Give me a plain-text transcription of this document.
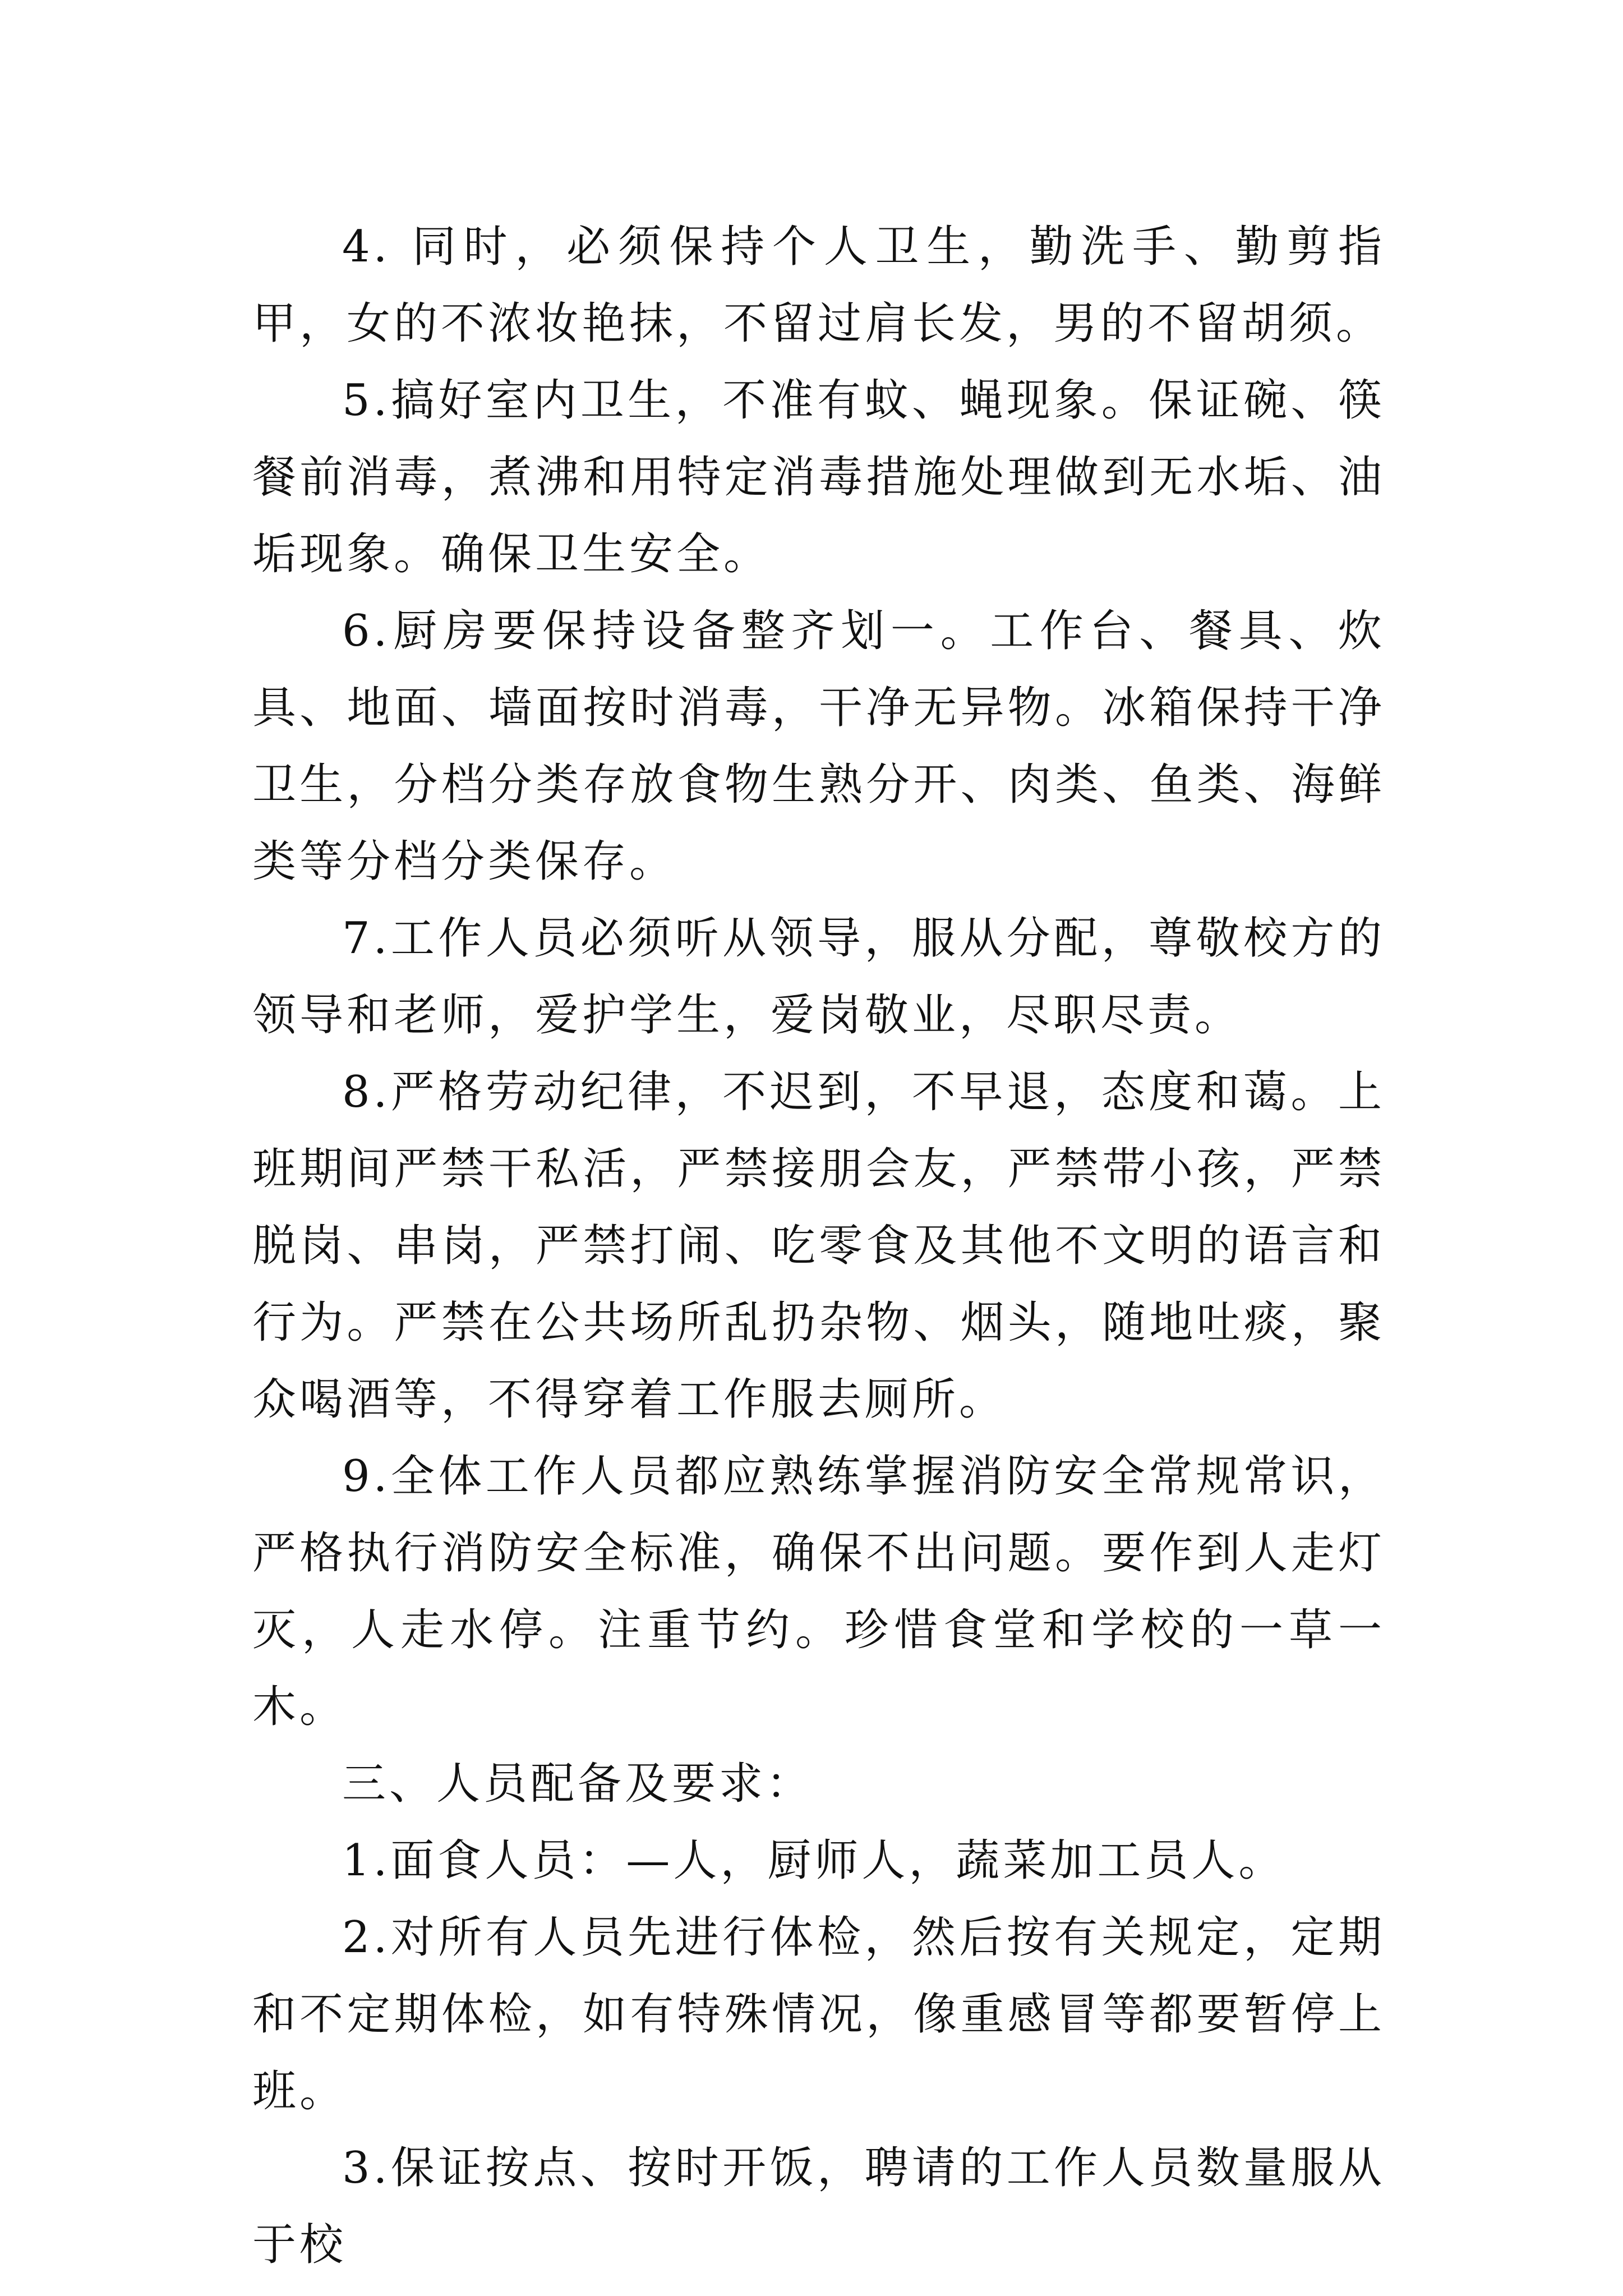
4. 同时，必须保持个人卫生，勤洗手、勤剪指甲，女的不浓妆艳抹，不留过肩长发，男的不留胡须。

5.搞好室内卫生，不准有蚊、蝇现象。保证碗、筷餐前消毒，煮沸和用特定消毒措施处理做到无水垢、油垢现象。确保卫生安全。

6.厨房要保持设备整齐划一。工作台、餐具、炊具、地面、墙面按时消毒，干净无异物。冰箱保持干净卫生，分档分类存放食物生熟分开、肉类、鱼类、海鲜类等分档分类保存。

7.工作人员必须听从领导，服从分配，尊敬校方的领导和老师，爱护学生，爱岗敬业，尽职尽责。

8.严格劳动纪律，不迟到，不早退，态度和蔼。上班期间严禁干私活，严禁接朋会友，严禁带小孩，严禁脱岗、串岗，严禁打闹、吃零食及其他不文明的语言和行为。严禁在公共场所乱扔杂物、烟头，随地吐痰，聚众喝酒等，不得穿着工作服去厕所。

9.全体工作人员都应熟练掌握消防安全常规常识，严格执行消防安全标准，确保不出问题。要作到人走灯灭，人走水停。注重节约。珍惜食堂和学校的一草一木。

三、人员配备及要求：

1.面食人员：—人，厨师人，蔬菜加工员人。

2.对所有人员先进行体检，然后按有关规定，定期和不定期体检，如有特殊情况，像重感冒等都要暂停上班。

3.保证按点、按时开饭，聘请的工作人员数量服从于校
